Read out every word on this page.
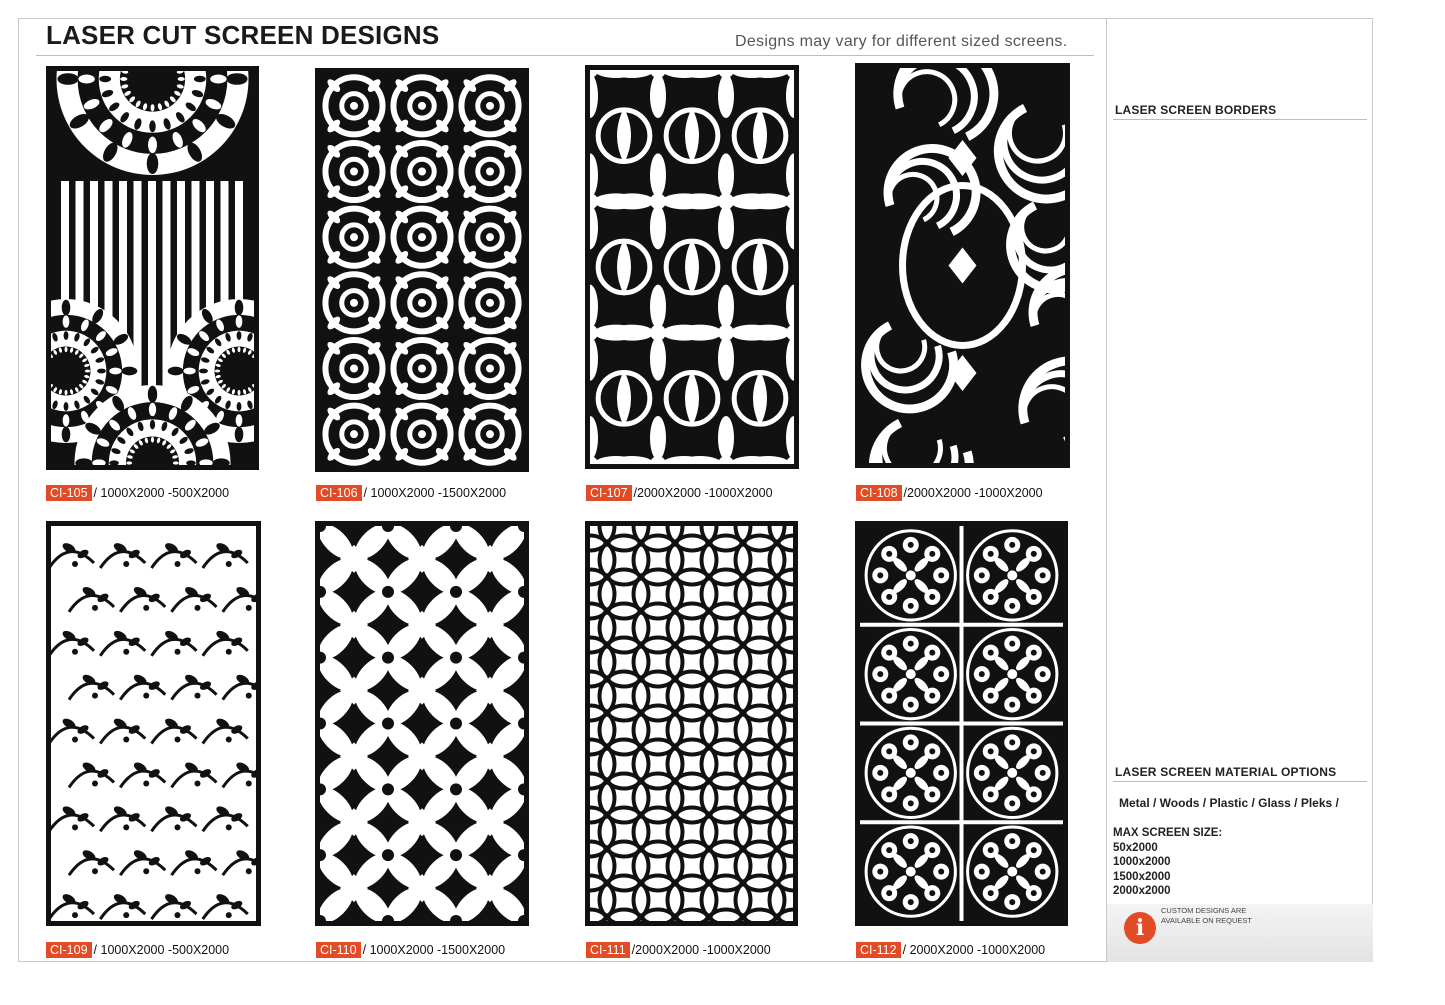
LASER CUT SCREEN DESIGNS	Designs may vary for different sized screens.
LASER SCREEN BORDERS
LASER SCREEN MATERIAL OPTIONS
Metal / Woods / Plastic / Glass / Pleks /
MAX SCREEN SIZE:
50x2000
1000x2000
1500x2000
2000x2000
i
CUSTOM DESIGNS ARE
AVAILABLE ON REQUEST
CI-105 / 1000X2000 -500X2000	CI-106 / 1000X2000 -1500X2000	CI-107 /2000X2000 -1000X2000	CI-108 /2000X2000 -1000X2000
CI-109 / 1000X2000 -500X2000	CI-110 / 1000X2000 -1500X2000	CI-111 /2000X2000 -1000X2000	CI-112 / 2000X2000 -1000X2000
